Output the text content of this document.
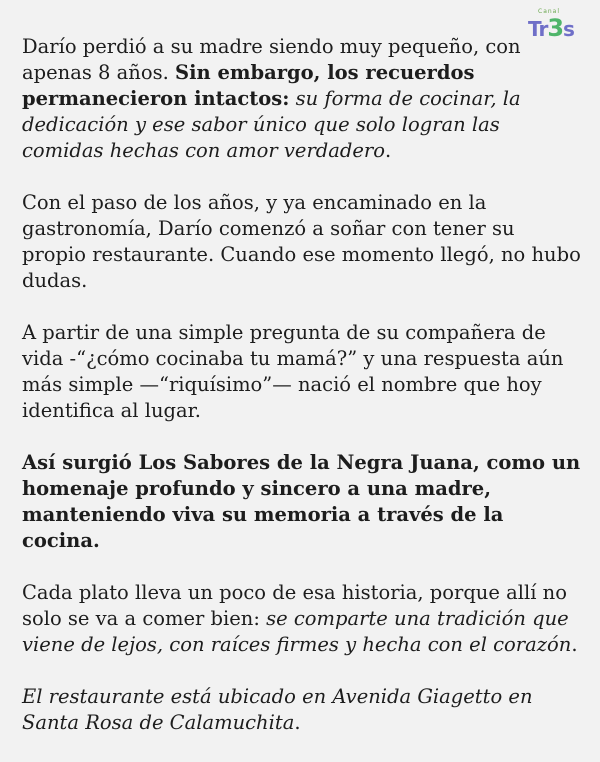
Canal
Tr3s

Darío perdió a su madre siendo muy pequeño, con apenas 8 años. Sin embargo, los recuerdos permanecieron intactos: su forma de cocinar, la dedicación y ese sabor único que solo logran las comidas hechas con amor verdadero.

Con el paso de los años, y ya encaminado en la gastronomía, Darío comenzó a soñar con tener su propio restaurante. Cuando ese momento llegó, no hubo dudas.

A partir de una simple pregunta de su compañera de vida -“¿cómo cocinaba tu mamá?” y una respuesta aún más simple —“riquísimo”— nació el nombre que hoy identifica al lugar.

Así surgió Los Sabores de la Negra Juana, como un homenaje profundo y sincero a una madre, manteniendo viva su memoria a través de la cocina.

Cada plato lleva un poco de esa historia, porque allí no solo se va a comer bien: se comparte una tradición que viene de lejos, con raíces firmes y hecha con el corazón.

El restaurante está ubicado en Avenida Giagetto en Santa Rosa de Calamuchita.
